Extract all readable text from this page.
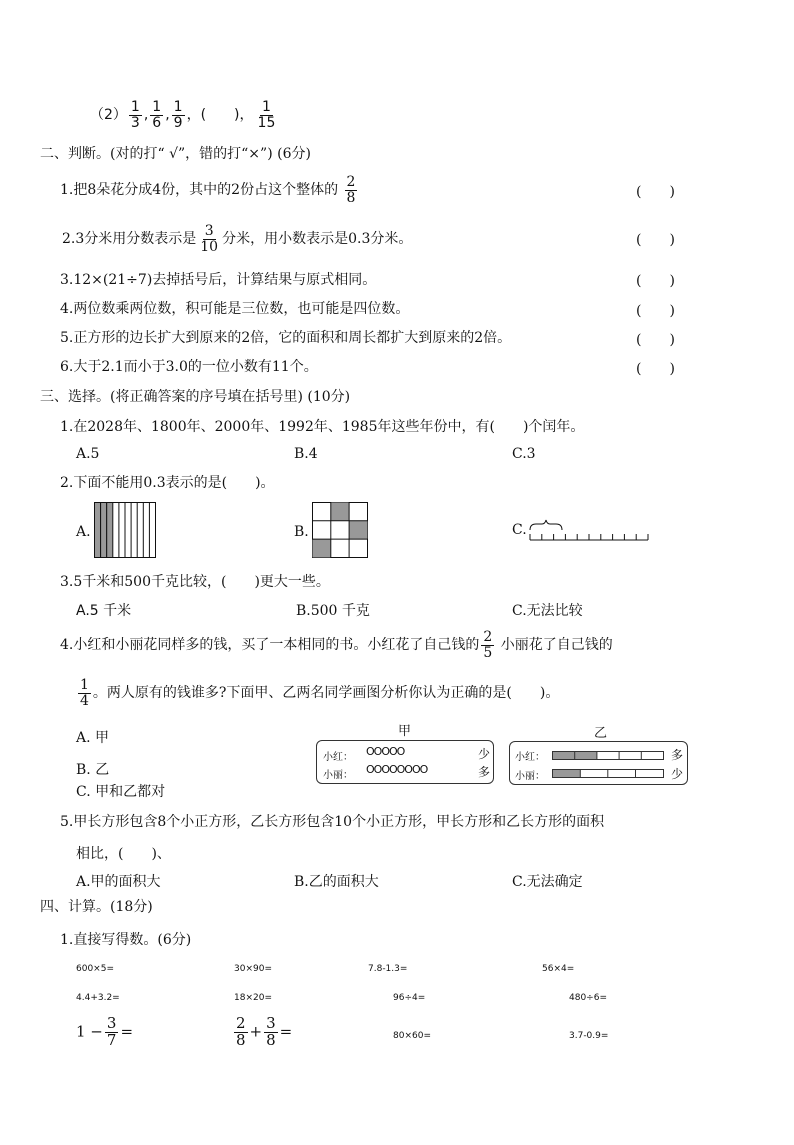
$(2) \frac{1}{3}$ , $\frac{1}{6}$ , $\frac{1}{9}$ ，(　　)， $\frac{1}{15}$
二、判断。(对的打“ √”，错的打“×”) (6分)
1.把8朵花分成4份，其中的2份占这个整体的 $\frac{2}{8}$	(　　)
2.3分米用分数表示是 $\frac{3}{10}$ 分米，用小数表示是0.3分米。	(　　)
3.12×(21÷7)去掉括号后，计算结果与原式相同。	(　　)
4.两位数乘两位数，积可能是三位数，也可能是四位数。	(　　)
5.正方形的边长扩大到原来的2倍，它的面积和周长都扩大到原来的2倍。	(　　)
6.大于2.1而小于3.0的一位小数有11个。	(　　)
三、选择。(将正确答案的序号填在括号里) (10分)
1.在2028年、1800年、2000年、1992年、1985年这些年份中，有(　　)个闰年。
A.5	B.4	C.3
2.下面不能用0.3表示的是(　　)。
A.	B.	C.
3.5千米和500千克比较，(　　)更大一些。
A.5 千米	B.500 千克	C.无法比较
4.小红和小丽花同样多的钱，买了一本相同的书。小红花了自己钱的 $\frac{2}{5}$ 小丽花了自己钱的
$\frac{1}{4}$ 。两人原有的钱谁多?下面甲、乙两名同学画图分析你认为正确的是(　　)。
A. 甲
B. 乙
C. 甲和乙都对
甲
小红： OOOOO	少
小丽： OOOOOOOO	多
乙
小红：	多
小丽：	少
5.甲长方形包含8个小正方形，乙长方形包含10个小正方形，甲长方形和乙长方形的面积
相比，(　　)、
A.甲的面积大	B.乙的面积大	C.无法确定
四、计算。(18分)
1.直接写得数。(6分)
600×5=	30×90=	7.8-1.3=	56×4=
4.4+3.2=	18×20=	96÷4=	480÷6=
$1 - \frac{3}{7}$ =	$\frac{2}{8} + \frac{3}{8}$ =	80×60=	3.7-0.9=
